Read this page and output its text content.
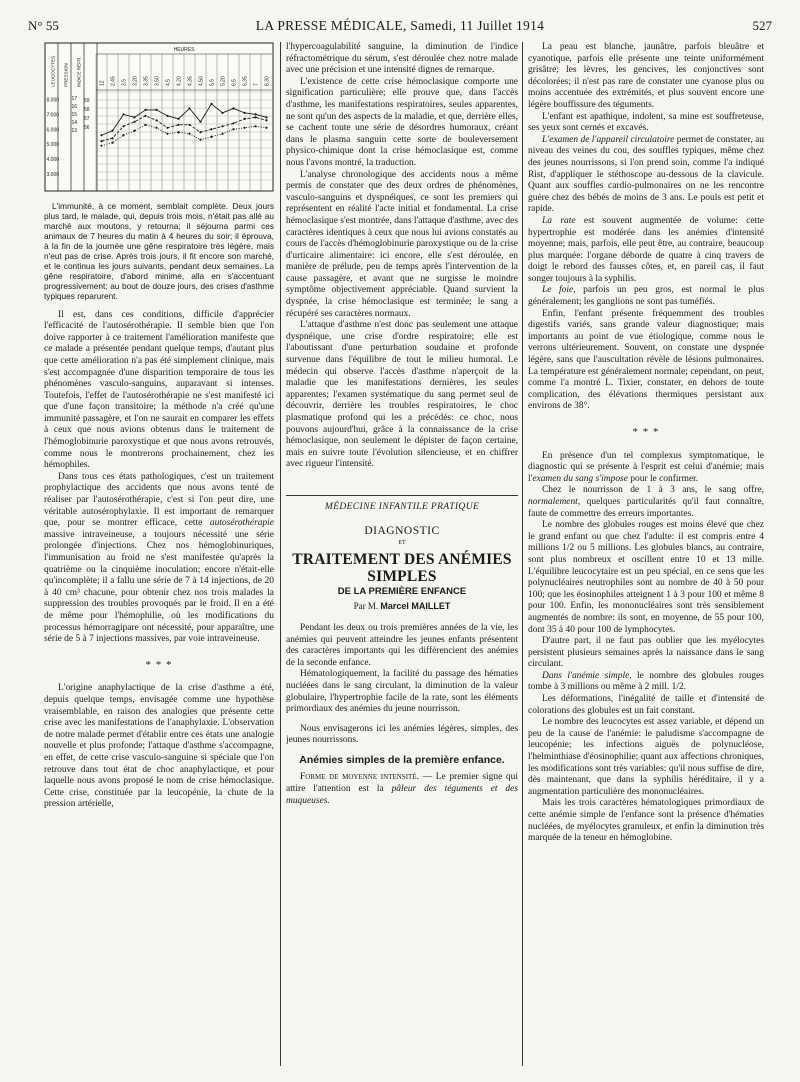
N° 55	LA PRESSE MÉDICALE, Samedi, 11 Juillet 1914	527
LEUCOCYTES PRESSION INDICE RÉFR.
HEURES
12 2,45 3,5 3,20 3,35 3,50 4,5 4,20 4,35 4,50 5,5 5,20 6,5 6,35 7 8,30
8.000
7.000
6.000
5.000
4.000
3.000
17
16
15
14
13
59
58
57
56

L'immunité, à ce moment, semblait complète. Deux jours plus tard, le malade, qui, depuis trois mois, n'était pas allé au marché aux moutons, y retourna; il séjourna parmi ces animaux de 7 heures du matin à 4 heures du soir; il éprouva, à la fin de la journée une gêne respiratoire très légère, mais n'eut pas de crise. Après trois jours, il fit encore son marché, et le continua les jours suivants, pendant deux semaines. La gêne respiratoire, d'abord minime, alla en s'accentuant progressivement; au bout de douze jours, des crises d'asthme typiques reparurent.

Il est, dans ces conditions, difficile d'apprécier l'efficacité de l'autosérothérapie. Il semble bien que l'on doive rapporter à ce traitement l'amélioration manifeste que ce malade a présentée pendant quelque temps, d'autant plus que cette amélioration n'a pas été simplement clinique, mais s'est accompagnée d'une disparition temporaire de tous les phénomènes vasculo-sanguins, auparavant si intenses. Toutefois, l'effet de l'autosérothérapie ne s'est manifesté ici que d'une façon transitoire; la méthode n'a créé qu'une immunité passagère, et l'on ne saurait en comparer les effets à ceux que nous avions obtenus dans le traitement de l'hémoglobinurie paroxystique et que nous avons retrouvés, comme nous le montrerons prochainement, chez les hémophiles.

Dans tous ces états pathologiques, c'est un traitement prophylactique des accidents que nous avons tenté de réaliser par l'autosérothérapie, c'est si l'on peut dire, une véritable autosérophylaxie. Il est important de remarquer que, pour se montrer efficace, cette autosérothérapie massive intraveineuse, a toujours nécessité une série prolongée d'injections. Chez nos hémoglobinuriques, l'immunisation au froid ne s'est manifestée qu'après la quatrième ou la cinquième inoculation; encore n'était-elle qu'incomplète; il a fallu une série de 7 à 14 injections, de 20 à 40 cm³ chacune, pour obtenir chez nos trois malades la suppression des troubles provoqués par le froid. Il en a été de même pour l'hémophilie, où les modifications du processus hémorragipare ont nécessité, pour apparaître, une série de 5 à 7 injections massives, par voie intraveineuse.

* * *

L'origine anaphylactique de la crise d'asthme a été, depuis quelque temps, envisagée comme une hypothèse vraisemblable, en raison des analogies que présente cette crise avec les manifestations de l'anaphylaxie. L'observation de notre malade permet d'établir entre ces états une analogie nouvelle et plus profonde; l'attaque d'asthme s'accompagne, en effet, de cette crise vasculo-sanguine si spéciale que l'on retrouve dans tout état de choc anaphylactique, et pour laquelle nous avons proposé le nom de crise hémoclasique. Cette crise, constituée par la leucopénie, la chute de la pression artérielle,

l'hypercoagulabilité sanguine, la diminution de l'indice réfractométrique du sérum, s'est déroulée chez notre malade avec une précision et une intensité dignes de remarque.

L'existence de cette crise hémoclasique comporte une signification particulière; elle prouve que, dans l'accès d'asthme, les manifestations respiratoires, seules apparentes, ne sont qu'un des aspects de la maladie, et que, derrière elles, se cachent toute une série de désordres humoraux, créant dans le plasma sanguin cette sorte de bouleversement physico-chimique dont la crise hémoclasique est, comme nous l'avons montré, la traduction.

L'analyse chronologique des accidents nous a même permis de constater que des deux ordres de phénomènes, vasculo-sanguins et dyspnéiques, ce sont les premiers qui représentent en réalité l'acte initial et fondamental. La crise hémoclasique s'est montrée, dans l'attaque d'asthme, avec des caractères identiques à ceux que nous lui avions constatés au cours de l'accès d'hémoglobinurie paroxystique ou de la crise d'urticaire alimentaire: ici encore, elle s'est déroulée, en manière de prélude, peu de temps après l'intervention de la cause passagère, et avant que ne surgisse le moindre symptôme objectivement appréciable. Quand survient la dyspnée, la crise hémoclasique est terminée; le sang a récupéré ses caractères normaux.

L'attaque d'asthme n'est donc pas seulement une attaque dyspnéique, une crise d'ordre respiratoire; elle est l'aboutissant d'une perturbation soudaine et profonde survenue dans l'équilibre de tout le milieu humoral. Le médecin qui observe l'accès d'asthme n'aperçoit de la maladie que les manifestations dernières, les seules apparentes; l'examen systématique du sang permet seul de découvrir, derrière les troubles respiratoires, le choc plasmatique profond qui les a précédés: ce choc, nous pouvons aujourd'hui, grâce à la connaissance de la crise hémoclasique, non seulement le dépister de façon certaine, mais en suivre toute l'évolution silencieuse, et en chiffrer avec rigueur l'intensité.

MÉDECINE INFANTILE PRATIQUE
DIAGNOSTIC
ET
TRAITEMENT DES ANÉMIES SIMPLES
DE LA PREMIÈRE ENFANCE
Par M. Marcel MAILLET

Pendant les deux ou trois premières années de la vie, les anémies qui peuvent atteindre les jeunes enfants présentent des caractères importants qui les différencient des anémies de la seconde enfance.

Hématologiquement, la facilité du passage des hématies nucléées dans le sang circulant, la diminution de la valeur globulaire, l'hypertrophie facile de la rate, sont les éléments primordiaux des anémies du jeune nourrisson.

Nous envisagerons ici les anémies légères, simples, des jeunes nourrissons.

Anémies simples de la première enfance.

Forme de moyenne intensité. — Le premier signe qui attire l'attention est la pâleur des téguments et des muqueuses.

La peau est blanche, jaunâtre, parfois bleuâtre et cyanotique, parfois elle présente une teinte uniformément grisâtre; les lèvres, les gencives, les conjonctives sont décolorées; il n'est pas rare de constater une cyanose plus ou moins accentuée des extrémités, et plus souvent encore une légère bouffissure des téguments.

L'enfant est apathique, indolent, sa mine est souffreteuse, ses yeux sont cernés et excavés.

L'examen de l'appareil circulatoire permet de constater, au niveau des veines du cou, des souffles typiques, même chez des jeunes nourrissons, si l'on prend soin, comme l'a indiqué Rist, d'appliquer le stéthoscope au-dessous de la clavicule. Quant aux souffles cardio-pulmonaires on ne les rencontre guère chez des bébés de moins de 3 ans. Le pouls est petit et rapide.

La rate est souvent augmentée de volume: cette hypertrophie est modérée dans les anémies d'intensité moyenne; mais, parfois, elle peut être, au contraire, beaucoup plus marquée: l'organe déborde de quatre à cinq travers de doigt le rebord des fausses côtes, et, en pareil cas, il faut songer toujours à la syphilis.

Le foie, parfois un peu gros, est normal le plus généralement; les ganglions ne sont pas tuméfiés.

Enfin, l'enfant présente fréquemment des troubles digestifs variés, sans grande valeur diagnostique; mais importants au point de vue étiologique, comme nous le verrons ultérieurement. Souvent, on constate une dyspnée légère, sans que l'auscultation révèle de lésions pulmonaires. La température est généralement normale; cependant, on peut, comme l'a montré L. Tixier, constater, en dehors de toute complication, des élévations thermiques persistant aux environs de 38°.

* * *

En présence d'un tel complexus symptomatique, le diagnostic qui se présente à l'esprit est celui d'anémie; mais l'examen du sang s'impose pour le confirmer.

Chez le nourrisson de 1 à 3 ans, le sang offre, normalement, quelques particularités qu'il faut connaître, faute de commettre des erreurs importantes.

Le nombre des globules rouges est moins élevé que chez le grand enfant ou que chez l'adulte: il est compris entre 4 millions 1/2 ou 5 millions. Les globules blancs, au contraire, sont plus nombreux et oscillent entre 10 et 13 mille. L'équilibre leucocytaire est un peu spécial, en ce sens que les polynucléaires neutrophiles sont au nombre de 40 à 50 pour 100; que les éosinophiles atteignent 1 à 3 pour 100 et même 8 pour 100. Enfin, les mononucléaires sont très sensiblement augmentés de nombre: ils sont, en moyenne, de 55 pour 100, dont 35 à 40 pour 100 de lymphocytes.

D'autre part, il ne faut pas oublier que les myélocytes persistent plusieurs semaines après la naissance dans le sang circulant.

Dans l'anémie simple, le nombre des globules rouges tombe à 3 millions ou même à 2 mill. 1/2.

Les déformations, l'inégalité de taille et d'intensité de colorations des globules est un fait constant.

Le nombre des leucocytes est assez variable, et dépend un peu de la cause de l'anémie: le paludisme s'accompagne de leucopénie; les infections aiguës de polynucléose, l'helminthiase d'éosinophilie; quant aux affections chroniques, les modifications sont très variables: qu'il nous suffise de dire, dès maintenant, que dans la syphilis héréditaire, il y a augmentation particulière des mononucléaires.

Mais les trois caractères hématologiques primordiaux de cette anémie simple de l'enfance sont la présence d'hématies nucléées, de myélocytes granuleux, et enfin la diminution très marquée de la teneur en hémoglobine.
